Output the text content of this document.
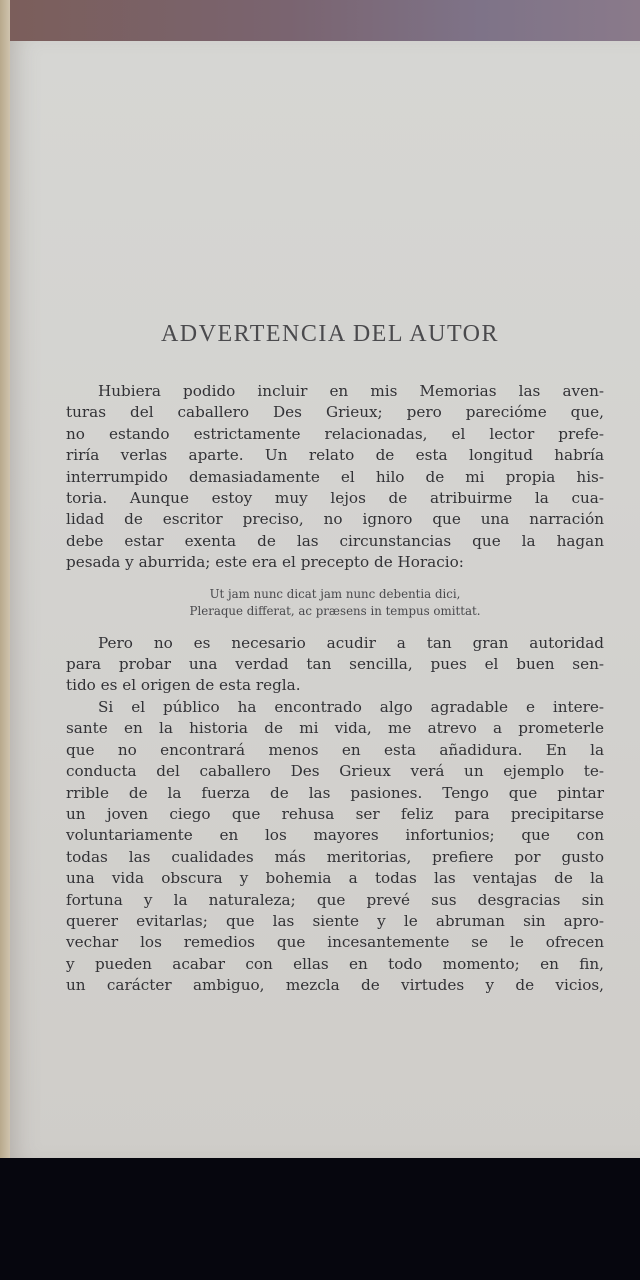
ADVERTENCIA DEL AUTOR
Hubiera podido incluir en mis Memorias las aven-
turas del caballero Des Grieux; pero parecióme que,
no estando estrictamente relacionadas, el lector prefe-
riría verlas aparte. Un relato de esta longitud habría
interrumpido demasiadamente el hilo de mi propia his-
toria. Aunque estoy muy lejos de atribuirme la cua-
lidad de escritor preciso, no ignoro que una narración
debe estar exenta de las circunstancias que la hagan
pesada y aburrida; este era el precepto de Horacio:
Ut jam nunc dicat jam nunc debentia dici,
Pleraque differat, ac præsens in tempus omittat.
Pero no es necesario acudir a tan gran autoridad
para probar una verdad tan sencilla, pues el buen sen-
tido es el origen de esta regla.
Si el público ha encontrado algo agradable e intere-
sante en la historia de mi vida, me atrevo a prometerle
que no encontrará menos en esta añadidura. En la
conducta del caballero Des Grieux verá un ejemplo te-
rrible de la fuerza de las pasiones. Tengo que pintar
un joven ciego que rehusa ser feliz para precipitarse
voluntariamente en los mayores infortunios; que con
todas las cualidades más meritorias, prefiere por gusto
una vida obscura y bohemia a todas las ventajas de la
fortuna y la naturaleza; que prevé sus desgracias sin
querer evitarlas; que las siente y le abruman sin apro-
vechar los remedios que incesantemente se le ofrecen
y pueden acabar con ellas en todo momento; en fin,
un carácter ambiguo, mezcla de virtudes y de vicios,
